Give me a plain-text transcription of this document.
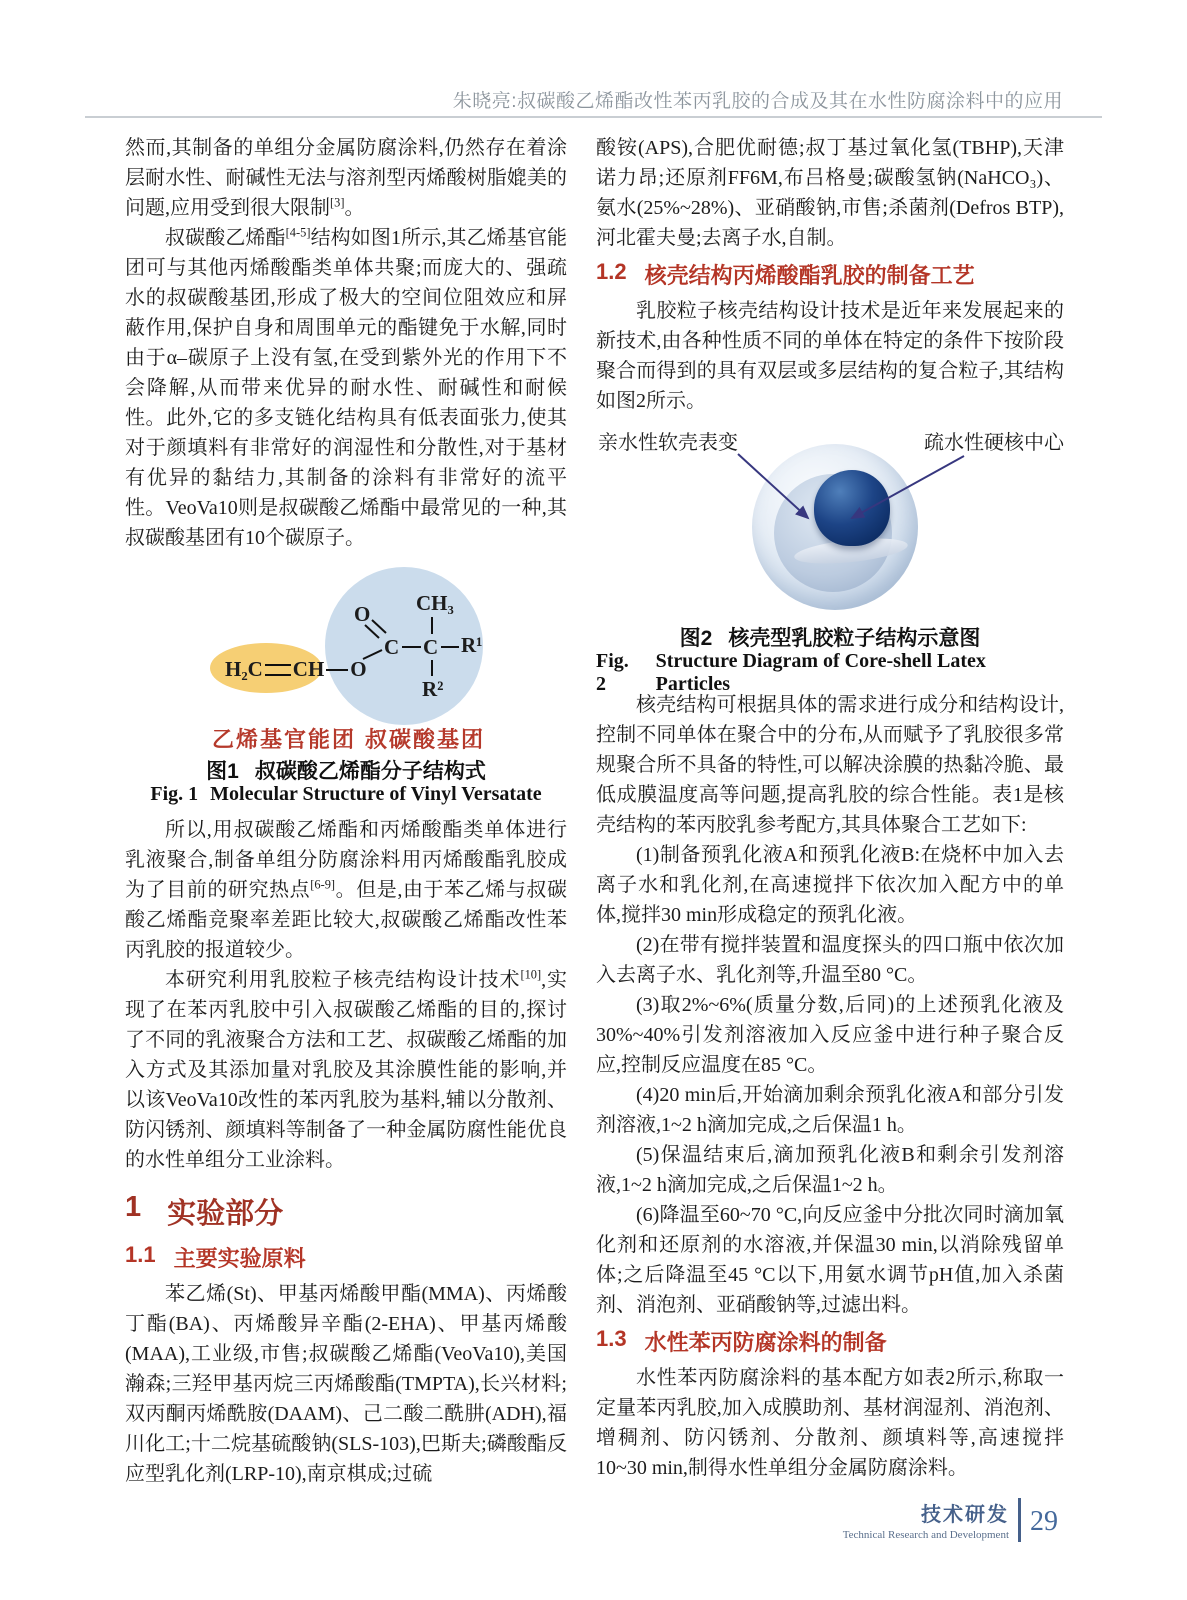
朱晓亮:叔碳酸乙烯酯改性苯丙乳胶的合成及其在水性防腐涂料中的应用

然而,其制备的单组分金属防腐涂料,仍然存在着涂层耐水性、耐碱性无法与溶剂型丙烯酸树脂媲美的问题,应用受到很大限制[3]。

叔碳酸乙烯酯[4-5]结构如图1所示,其乙烯基官能团可与其他丙烯酸酯类单体共聚;而庞大的、强疏水的叔碳酸基团,形成了极大的空间位阻效应和屏蔽作用,保护自身和周围单元的酯键免于水解,同时由于α–碳原子上没有氢,在受到紫外光的作用下不会降解,从而带来优异的耐水性、耐碱性和耐候性。此外,它的多支链化结构具有低表面张力,使其对于颜填料有非常好的润湿性和分散性,对于基材有优异的黏结力,其制备的涂料有非常好的流平性。VeoVa10则是叔碳酸乙烯酯中最常见的一种,其叔碳酸基团有10个碳原子。

H₂C CH O
O
C C
CH₃
R¹
R²
乙烯基官能团 叔碳酸基团
图1 叔碳酸乙烯酯分子结构式
Fig. 1 Molecular Structure of Vinyl Versatate

所以,用叔碳酸乙烯酯和丙烯酸酯类单体进行乳液聚合,制备单组分防腐涂料用丙烯酸酯乳胶成为了目前的研究热点[6-9]。但是,由于苯乙烯与叔碳酸乙烯酯竞聚率差距比较大,叔碳酸乙烯酯改性苯丙乳胶的报道较少。

本研究利用乳胶粒子核壳结构设计技术[10],实现了在苯丙乳胶中引入叔碳酸乙烯酯的目的,探讨了不同的乳液聚合方法和工艺、叔碳酸乙烯酯的加入方式及其添加量对乳胶及其涂膜性能的影响,并以该VeoVa10改性的苯丙乳胶为基料,辅以分散剂、防闪锈剂、颜填料等制备了一种金属防腐性能优良的水性单组分工业涂料。

1 实验部分
1.1 主要实验原料

苯乙烯(St)、甲基丙烯酸甲酯(MMA)、丙烯酸丁酯(BA)、丙烯酸异辛酯(2-EHA)、甲基丙烯酸(MAA),工业级,市售;叔碳酸乙烯酯(VeoVa10),美国瀚森;三羟甲基丙烷三丙烯酸酯(TMPTA),长兴材料;双丙酮丙烯酰胺(DAAM)、己二酸二酰肼(ADH),福川化工;十二烷基硫酸钠(SLS-103),巴斯夫;磷酸酯反应型乳化剂(LRP-10),南京棋成;过硫

酸铵(APS),合肥优耐德;叔丁基过氧化氢(TBHP),天津诺力昂;还原剂FF6M,布吕格曼;碳酸氢钠(NaHCO₃)、氨水(25%~28%)、亚硝酸钠,市售;杀菌剂(Defros BTP),河北霍夫曼;去离子水,自制。

1.2 核壳结构丙烯酸酯乳胶的制备工艺

乳胶粒子核壳结构设计技术是近年来发展起来的新技术,由各种性质不同的单体在特定的条件下按阶段聚合而得到的具有双层或多层结构的复合粒子,其结构如图2所示。

亲水性软壳表变	疏水性硬核中心
图2 核壳型乳胶粒子结构示意图
Fig. 2
Structure Diagram of Core-shell Latex Particles

核壳结构可根据具体的需求进行成分和结构设计,控制不同单体在聚合中的分布,从而赋予了乳胶很多常规聚合所不具备的特性,可以解决涂膜的热黏冷脆、最低成膜温度高等问题,提高乳胶的综合性能。表1是核壳结构的苯丙胶乳参考配方,其具体聚合工艺如下:

(1)制备预乳化液A和预乳化液B:在烧杯中加入去离子水和乳化剂,在高速搅拌下依次加入配方中的单体,搅拌30 min形成稳定的预乳化液。

(2)在带有搅拌装置和温度探头的四口瓶中依次加入去离子水、乳化剂等,升温至80 °C。

(3)取2%~6%(质量分数,后同)的上述预乳化液及30%~40%引发剂溶液加入反应釜中进行种子聚合反应,控制反应温度在85 °C。

(4)20 min后,开始滴加剩余预乳化液A和部分引发剂溶液,1~2 h滴加完成,之后保温1 h。

(5)保温结束后,滴加预乳化液B和剩余引发剂溶液,1~2 h滴加完成,之后保温1~2 h。

(6)降温至60~70 °C,向反应釜中分批次同时滴加氧化剂和还原剂的水溶液,并保温30 min,以消除残留单体;之后降温至45 °C以下,用氨水调节pH值,加入杀菌剂、消泡剂、亚硝酸钠等,过滤出料。

1.3 水性苯丙防腐涂料的制备

水性苯丙防腐涂料的基本配方如表2所示,称取一定量苯丙乳胶,加入成膜助剂、基材润湿剂、消泡剂、增稠剂、防闪锈剂、分散剂、颜填料等,高速搅拌10~30 min,制得水性单组分金属防腐涂料。

技术研发
Technical Research and Development 29
